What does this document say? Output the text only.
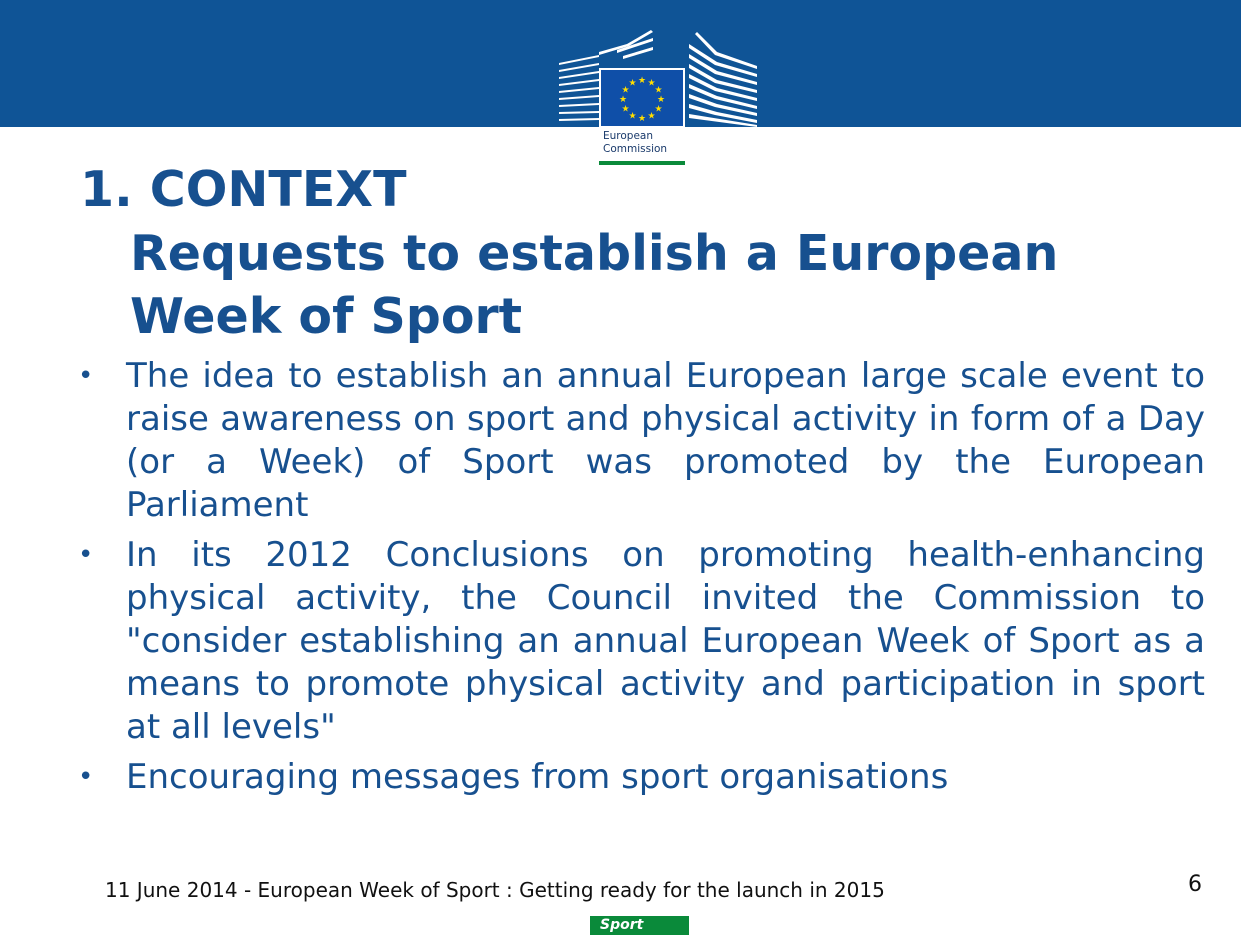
★ ★
★
★
★
★
★
★
★
★
★
★
European
Commission
1. CONTEXT
Requests to establish a European Week of Sport
• The idea to establish an annual European large scale event to raise awareness on sport and physical activity in form of a Day (or a Week) of Sport was promoted by the European Parliament
• In its 2012 Conclusions on promoting health-enhancing physical activity, the Council invited the Commission to "consider establishing an annual European Week of Sport as a means to promote physical activity and participation in sport at all levels"
• Encouraging messages from sport organisations

11 June 2014 - European Week of Sport : Getting ready for the launch in 2015	6
Sport
